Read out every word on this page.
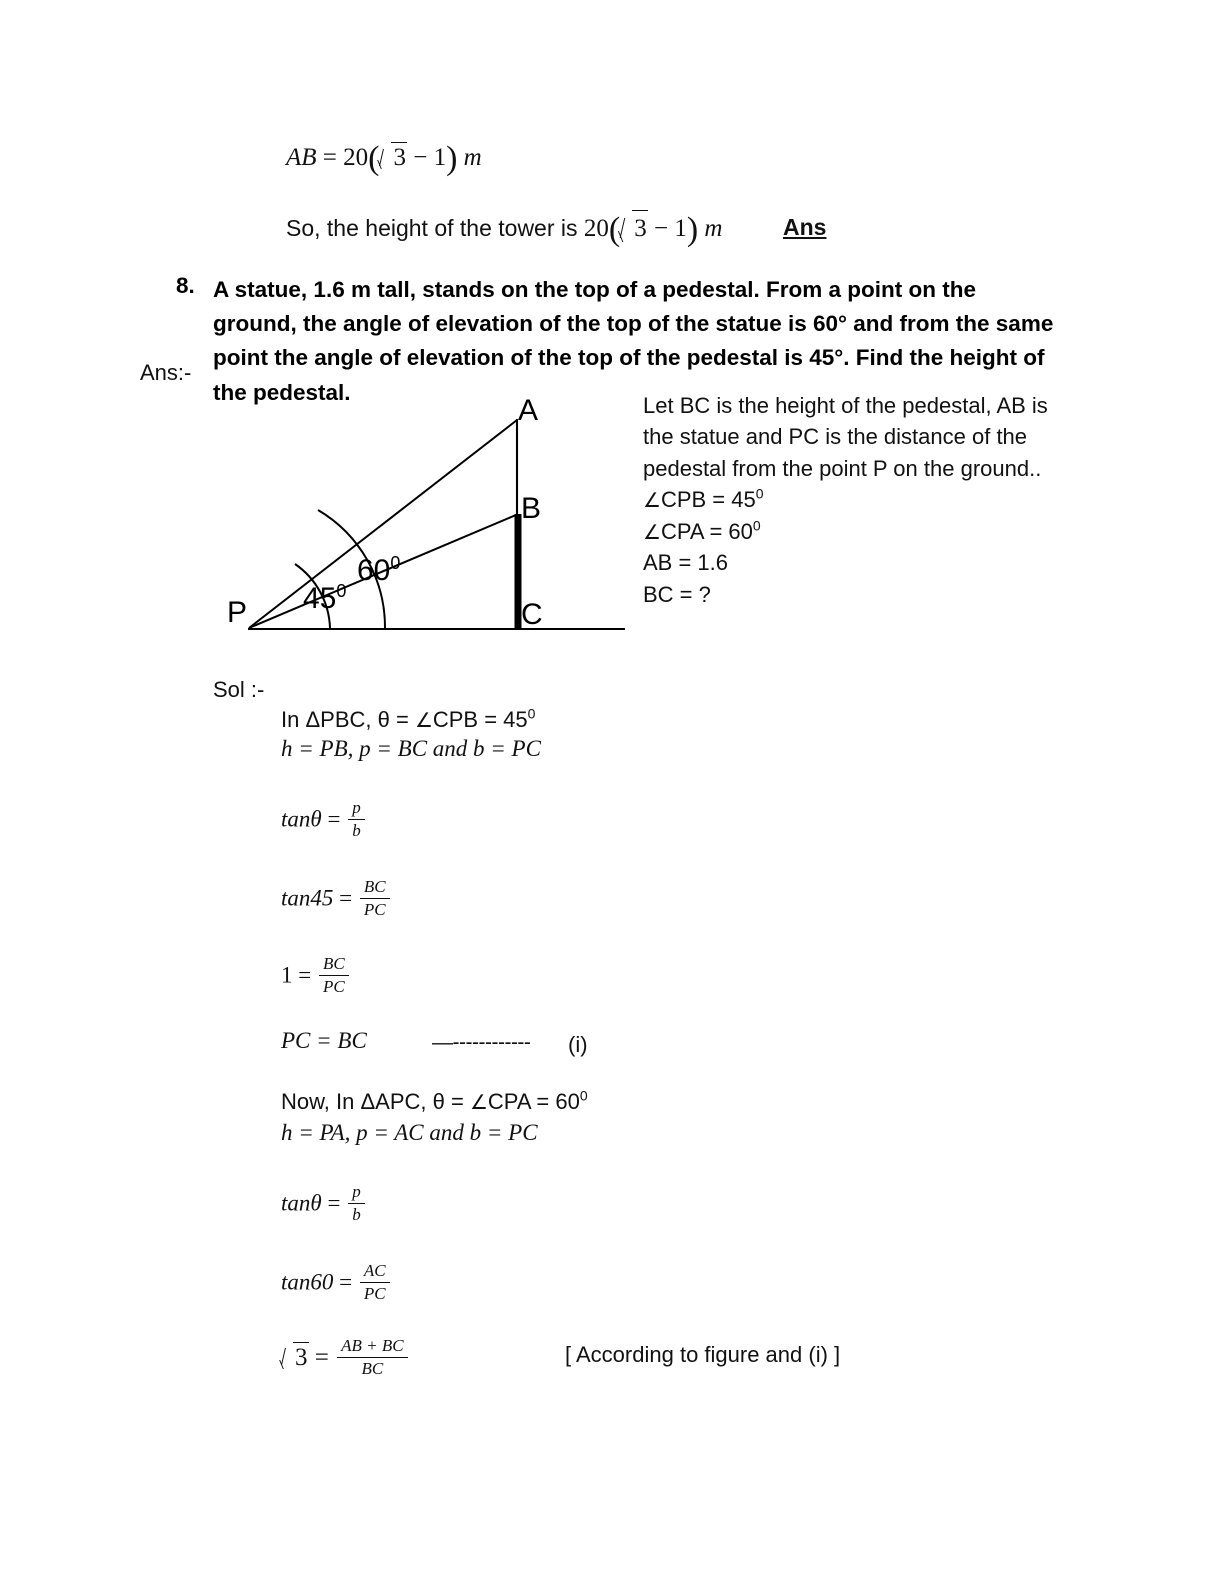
AB = 20( 3 − 1) m
So, the height of the tower is 20( 3 − 1) m	Ans
8. A statue, 1.6 m tall, stands on the top of a pedestal. From a point on the ground, the angle of elevation of the top of the statue is 60° and from the same point the angle of elevation of the top of the pedestal is 45°. Find the height of the pedestal.
Ans:-
A
B
C
P $45^0$
$60^0$
Let BC is the height of the pedestal, AB is
the statue and PC is the distance of the
pedestal from the point P on the ground..
∠CPB = $45^0$
∠CPA = $60^0$
AB = 1.6
BC = ?
Sol :-
In ΔPBC, θ = ∠CPB = $45^0$
h = PB, p = BC and b = PC
$\tan\theta = \frac{p}{b}$
$\tan 45 = \frac{BC}{PC}$
$1 = \frac{BC}{PC}$
PC = BC	—------------ (i)
Now, In ΔAPC, θ = ∠CPA = $60^0$
h = PA, p = AC and b = PC
$\tan\theta = \frac{p}{b}$
$\tan 60 = \frac{AC}{PC}$
$3 = \frac{AB + BC}{BC}$	[ According to figure and (i) ]
